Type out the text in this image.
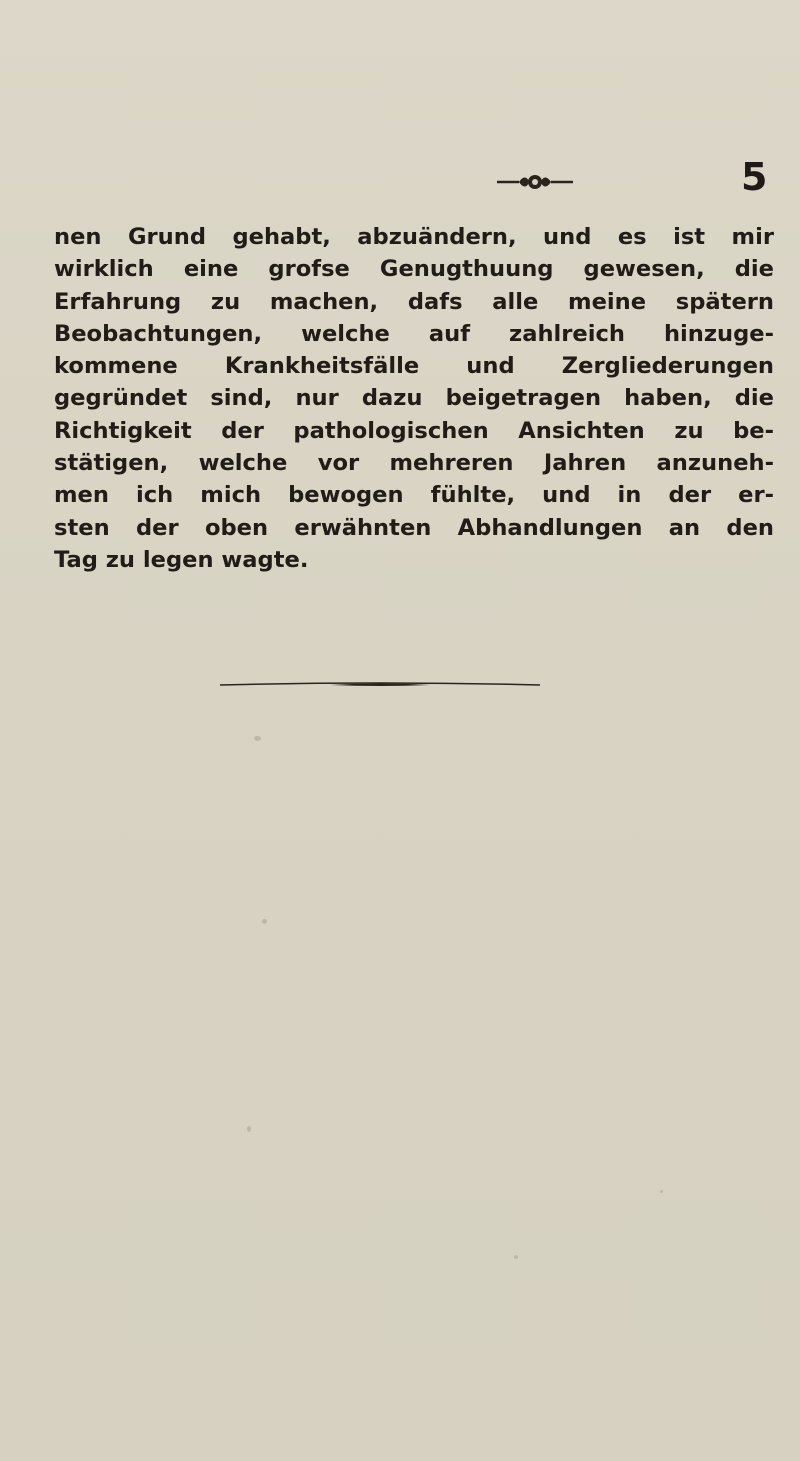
5
nen Grund gehabt, abzuändern, und es ist mir
wirklich eine grofse Genugthuung gewesen, die
Erfahrung zu machen, dafs alle meine spätern
Beobachtungen, welche auf zahlreich hinzuge-
kommene Krankheitsfälle und Zergliederungen
gegründet sind, nur dazu beigetragen haben, die
Richtigkeit der pathologischen Ansichten zu be-
stätigen, welche vor mehreren Jahren anzuneh-
men ich mich bewogen fühlte, und in der er-
sten der oben erwähnten Abhandlungen an den
Tag zu legen wagte.
